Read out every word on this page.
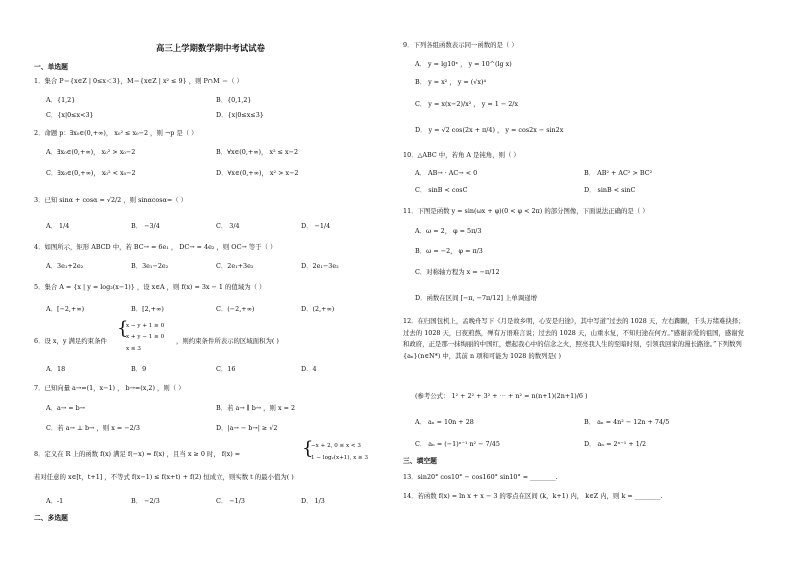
高三上学期数学期中考试试卷
一、单选题
1．集合 P＝{x∈Z | 0≤x＜3}，M＝{x∈Z | x² ≤ 9} ，则 P∩M ＝（ ）
A．{1,2}	B．{0,1,2}
C．{x|0≤x<3}	D．{x|0≤x≤3}
2．命题 p：∃x₀∈(0,+∞)， x₀² ≤ x₀−2 ，则 ¬p 是（ ）
A．∃x₀∈(0,+∞)， x₀² > x₀−2	B．∀x∈(0,+∞)， x² ≤ x−2
C．∃x₀∈(0,+∞)， x₀² < x₀−2	D．∀x∈(0,+∞)， x² > x−2
3．已知 sinα + cosα = √2/2 ，则 sinαcosα=（ ）
A． 1/4	B． −3/4	C． 3/4	D． −1/4
4．如图所示，矩形 ABCD 中，若 BC→ = 6e₁ ， DC→ = 4e₂ ，则 OC→ 等于（ ）
A．3e₁+2e₂	B．3e₁−2e₂	C．2e₁+3e₂	D．2e₁−3e₂
5．集合 A = {x | y = log₂(x−1)} ，设 x∈A ，则 f(x) = 3x − 1 的值域为（ ）
A．[−2,+∞)	B．[2,+∞)	C．(−2,+∞)	D．(2,+∞)
6．设 x，y 满足约束条件
{
x − y + 1 ≥ 0
x + y − 1 ≥ 0
x ≤ 3
，则约束条件所表示的区域面积为( )
A．18	B．9	C．16	D．4
7．已知向量 a→=(1，x−1) ， b→=(x,2) ，则（ ）
A．a→ = b→	B．若 a→ ∥ b→ ，则 x = 2
C．若 a→ ⊥ b→ ，则 x = −2/3	D．|a→ − b→| ≥ √2
8．定义在 R 上的函数 f(x) 满足 f(−x) = f(x) ，且当 x ≥ 0 时， f(x) =	{
−x + 2, 0 ≤ x < 3
1 − log₂(x+1), x ≥ 3
若对任意的 x∈[t，t+1] ，不等式 f(x−1) ≤ f(x+t) + f(2) 恒成立，则实数 t 的最小值为( )
A．-1	B． −2/3	C． −1/3	D． 1/3
二、多选题
9．下列各组函数表示同一函数的是（ ）
A． y = lg10ˣ ， y = 10^(lg x)
B． y = x² ， y = (√x)⁴
C． y = x(x−2)/x² ， y = 1 − 2/x
D． y = √2 cos(2x + π/4) ， y = cos2x − sin2x
10．△ABC 中，若角 A 是钝角，则（ ）
A． AB→ · AC→ < 0	B． AB² + AC² > BC²
C． sinB < cosC	D． sinB < sinC
11．下图是函数 y = sin(ωx + φ)(0 < φ < 2π) 的部分图像，下面说法正确的是（ ）
A．ω = 2， φ = 5π/3
B．ω = −2， φ = π/3
C．对称轴方程为 x = −π/12
D．函数在区间 [−π, −7π/12] 上单调递增
12．在归国包机上，孟晚舟写下《月是故乡明，心安是归途》，其中写道“过去的 1028 天，左右踟蹰，千头万绪难抉择；过去的 1028 天，日夜煎熬，殚有万语难言说；过去的 1028 天，山重水复，不知归途在何方。”感谢亲爱的祖国，感谢党和政府，正是那一抹绚丽的中国红，燃起我心中的信念之火，照亮我人生的至暗时刻，引领我回家的漫长路途。”下列数列 {aₙ}(n∈N*) 中，其前 n 项和可能为 1028 的数列是( )
(参考公式： 1² + 2² + 3² + ⋯ + n² = n(n+1)(2n+1)/6 )
A． aₙ = 10n + 28	B． aₙ = 4n² − 12n + 74/5
C． aₙ = (−1)ⁿ⁻¹ n² − 7/45	D． aₙ = 2ⁿ⁻¹ + 1/2
三、填空题
13．sin20° cos10° − cos160° sin10° = ________.
14．若函数 f(x) = ln x + x − 3 的零点在区间 (k，k+1) 内， k∈Z 内，则 k = ________.
